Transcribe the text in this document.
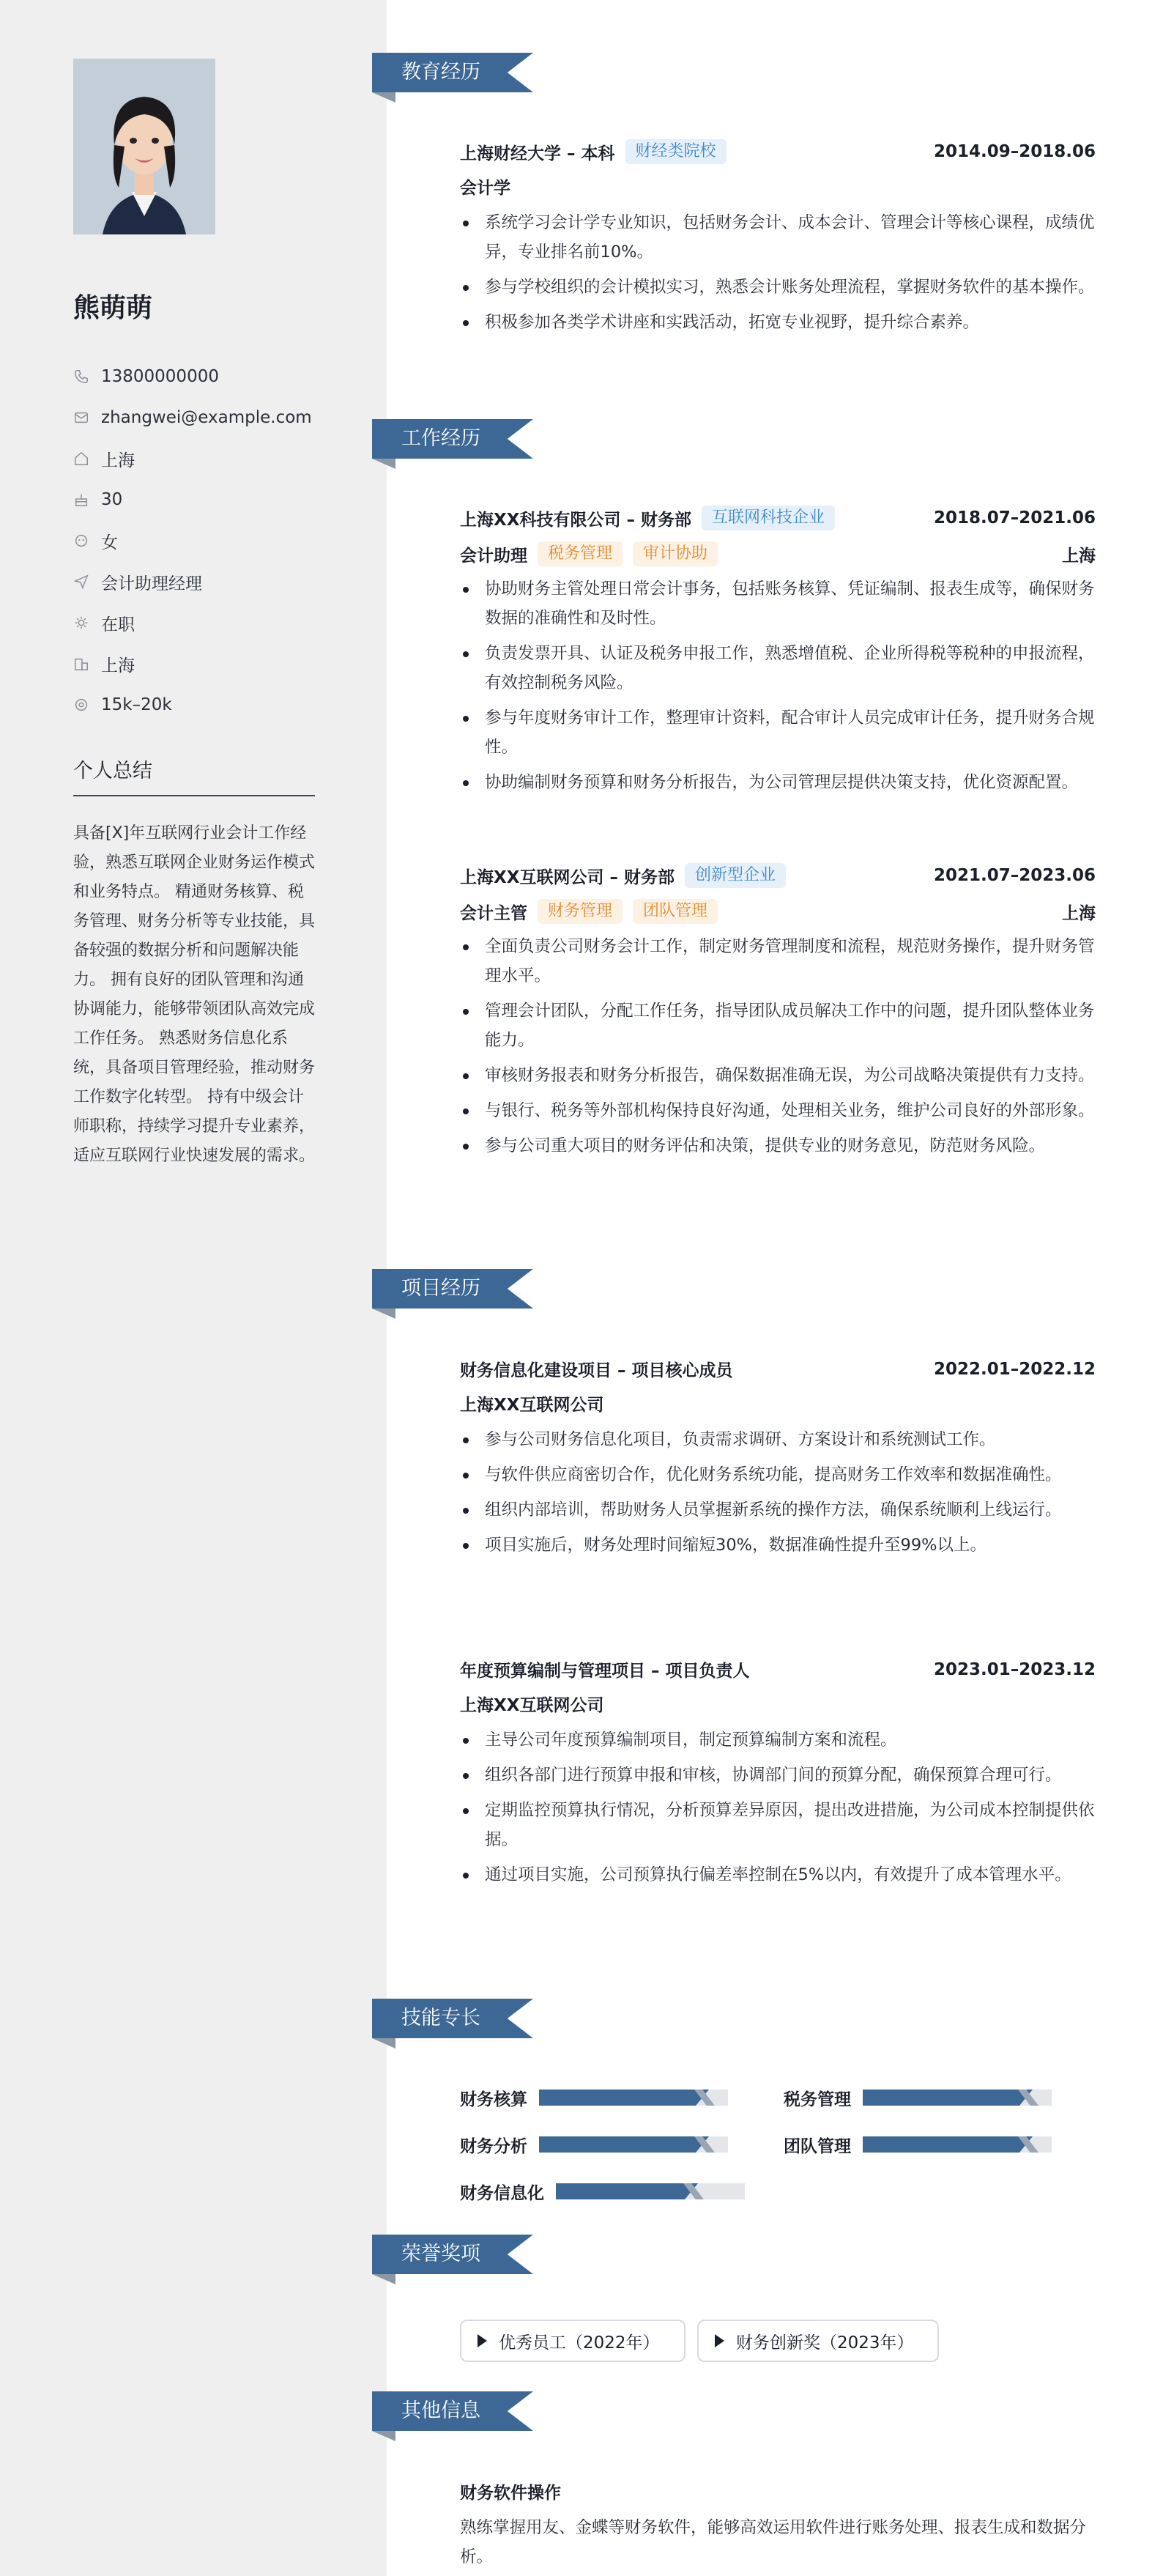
熊萌萌
13800000000
zhangwei@example.com
上海
30
女
会计助理经理
在职
上海
15k–20k
个人总结
具备[X]年互联网行业会计工作经验，熟悉互联网企业财务运作模式和业务特点。 精通财务核算、税务管理、财务分析等专业技能，具备较强的数据分析和问题解决能力。 拥有良好的团队管理和沟通协调能力，能够带领团队高效完成工作任务。 熟悉财务信息化系统，具备项目管理经验，推动财务工作数字化转型。 持有中级会计师职称，持续学习提升专业素养，适应互联网行业快速发展的需求。
教育经历
上海财经大学 – 本科	财经类院校	2014.09–2018.06
会计学
系统学习会计学专业知识，包括财务会计、成本会计、管理会计等核心课程，成绩优异，专业排名前10%。
参与学校组织的会计模拟实习，熟悉会计账务处理流程，掌握财务软件的基本操作。
积极参加各类学术讲座和实践活动，拓宽专业视野，提升综合素养。
工作经历
上海XX科技有限公司 – 财务部	互联网科技企业	2018.07–2021.06
会计助理	税务管理	审计协助	上海
协助财务主管处理日常会计事务，包括账务核算、凭证编制、报表生成等，确保财务数据的准确性和及时性。
负责发票开具、认证及税务申报工作，熟悉增值税、企业所得税等税种的申报流程，有效控制税务风险。
参与年度财务审计工作，整理审计资料，配合审计人员完成审计任务，提升财务合规性。
协助编制财务预算和财务分析报告，为公司管理层提供决策支持，优化资源配置。
上海XX互联网公司 – 财务部	创新型企业	2021.07–2023.06
会计主管	财务管理	团队管理	上海
全面负责公司财务会计工作，制定财务管理制度和流程，规范财务操作，提升财务管理水平。
管理会计团队，分配工作任务，指导团队成员解决工作中的问题，提升团队整体业务能力。
审核财务报表和财务分析报告，确保数据准确无误，为公司战略决策提供有力支持。
与银行、税务等外部机构保持良好沟通，处理相关业务，维护公司良好的外部形象。
参与公司重大项目的财务评估和决策，提供专业的财务意见，防范财务风险。
项目经历
财务信息化建设项目 – 项目核心成员	2022.01–2022.12
上海XX互联网公司
参与公司财务信息化项目，负责需求调研、方案设计和系统测试工作。
与软件供应商密切合作，优化财务系统功能，提高财务工作效率和数据准确性。
组织内部培训，帮助财务人员掌握新系统的操作方法，确保系统顺利上线运行。
项目实施后，财务处理时间缩短30%，数据准确性提升至99%以上。
年度预算编制与管理项目 – 项目负责人	2023.01–2023.12
上海XX互联网公司
主导公司年度预算编制项目，制定预算编制方案和流程。
组织各部门进行预算申报和审核，协调部门间的预算分配，确保预算合理可行。
定期监控预算执行情况，分析预算差异原因，提出改进措施，为公司成本控制提供依据。
通过项目实施，公司预算执行偏差率控制在5%以内，有效提升了成本管理水平。
技能专长
财务核算	税务管理
财务分析	团队管理
财务信息化
荣誉奖项
优秀员工（2022年）	财务创新奖（2023年）
其他信息
财务软件操作
熟练掌握用友、金蝶等财务软件，能够高效运用软件进行账务处理、报表生成和数据分析。
